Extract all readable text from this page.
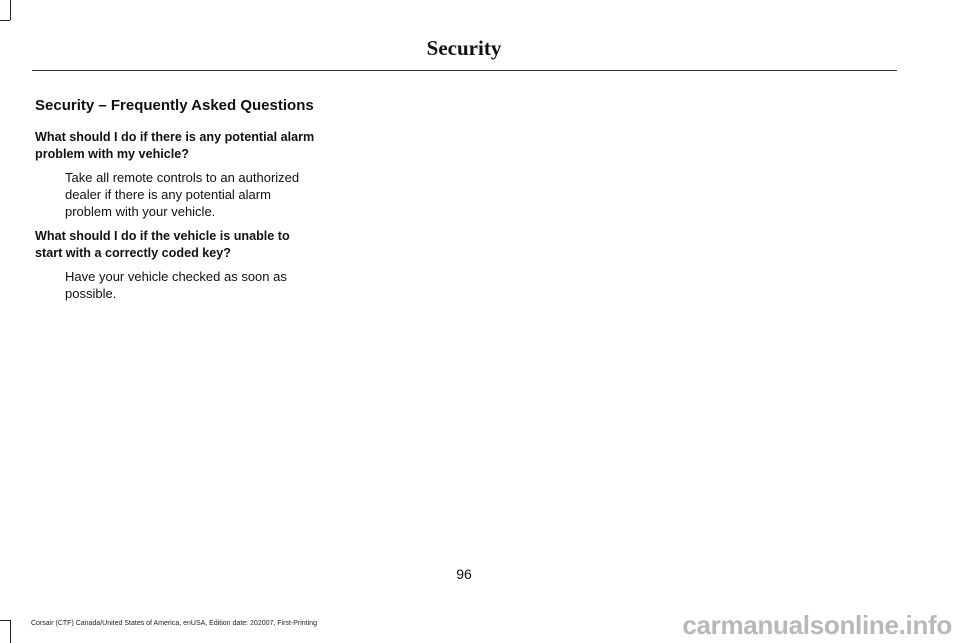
Security
Security – Frequently Asked Questions
What should I do if there is any potential alarm problem with my vehicle?
Take all remote controls to an authorized dealer if there is any potential alarm problem with your vehicle.
What should I do if the vehicle is unable to start with a correctly coded key?
Have your vehicle checked as soon as possible.
96
Corsair (CTF) Canada/United States of America, enUSA, Edition date: 202007, First-Printing	carmanualsonline.info
